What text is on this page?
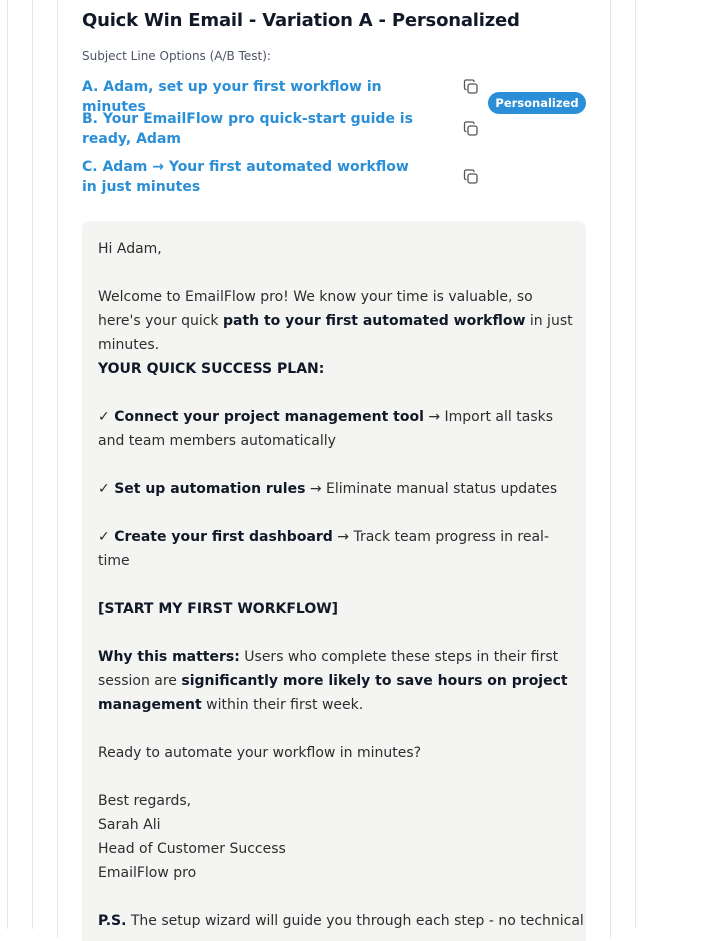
Quick Win Email - Variation A - Personalized
Subject Line Options (A/B Test):
A. Adam, set up your first workflow in minutes
B. Your EmailFlow pro quick-start guide is ready, Adam
C. Adam → Your first automated workflow in just minutes
Personalized

Hi Adam,

Welcome to EmailFlow pro! We know your time is valuable, so here's your quick path to your first automated workflow in just minutes.

YOUR QUICK SUCCESS PLAN:

✓ Connect your project management tool → Import all tasks and team members automatically

✓ Set up automation rules → Eliminate manual status updates

✓ Create your first dashboard → Track team progress in real-time

[START MY FIRST WORKFLOW]

Why this matters: Users who complete these steps in their first session are significantly more likely to save hours on project management within their first week.

Ready to automate your workflow in minutes?

Best regards,

Sarah Ali

Head of Customer Success

EmailFlow pro

P.S. The setup wizard will guide you through each step - no technical
